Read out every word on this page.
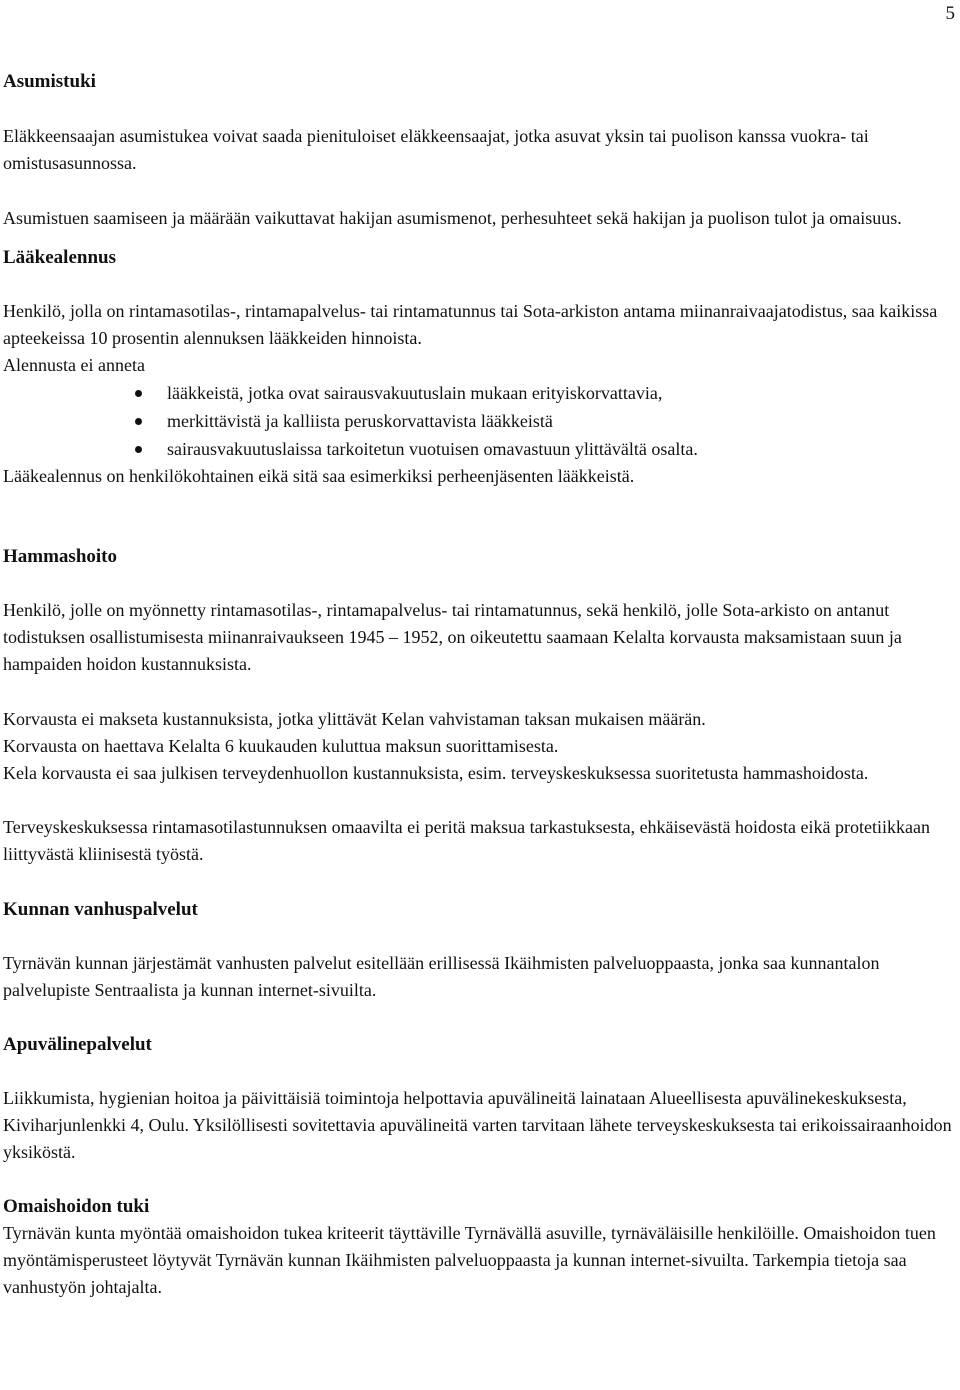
5
Asumistuki

Eläkkeensaajan asumistukea voivat saada pienituloiset eläkkeensaajat, jotka asuvat yksin tai puolison kanssa vuokra- tai omistusasunnossa.

Asumistuen saamiseen ja määrään vaikuttavat hakijan asumismenot, perhesuhteet sekä hakijan ja puolison tulot ja omaisuus.

Lääkealennus

Henkilö, jolla on rintamasotilas-, rintamapalvelus- tai rintamatunnus tai Sota-arkiston antama miinanraivaajatodistus, saa kaikissa apteekeissa 10 prosentin alennuksen lääkkeiden hinnoista.

Alennusta ei anneta

lääkkeistä, jotka ovat sairausvakuutuslain mukaan erityiskorvattavia,
merkittävistä ja kalliista peruskorvattavista lääkkeistä
sairausvakuutuslaissa tarkoitetun vuotuisen omavastuun ylittävältä osalta.

Lääkealennus on henkilökohtainen eikä sitä saa esimerkiksi perheenjäsenten lääkkeistä.

Hammashoito

Henkilö, jolle on myönnetty rintamasotilas-, rintamapalvelus- tai rintamatunnus, sekä henkilö, jolle Sota-arkisto on antanut todistuksen osallistumisesta miinanraivaukseen 1945 – 1952, on oikeutettu saamaan Kelalta korvausta maksamistaan suun ja hampaiden hoidon kustannuksista.

Korvausta ei makseta kustannuksista, jotka ylittävät Kelan vahvistaman taksan mukaisen määrän.

Korvausta on haettava Kelalta 6 kuukauden kuluttua maksun suorittamisesta.

Kela korvausta ei saa julkisen terveydenhuollon kustannuksista, esim. terveyskeskuksessa suoritetusta hammashoidosta.

Terveyskeskuksessa rintamasotilastunnuksen omaavilta ei peritä maksua tarkastuksesta, ehkäisevästä hoidosta eikä protetiikkaan liittyvästä kliinisestä työstä.

Kunnan vanhuspalvelut

Tyrnävän kunnan järjestämät vanhusten palvelut esitellään erillisessä Ikäihmisten palveluoppaasta, jonka saa kunnantalon palvelupiste Sentraalista ja kunnan internet-sivuilta.

Apuvälinepalvelut

Liikkumista, hygienian hoitoa ja päivittäisiä toimintoja helpottavia apuvälineitä lainataan Alueellisesta apuvälinekeskuksesta, Kiviharjunlenkki 4, Oulu. Yksilöllisesti sovitettavia apuvälineitä varten tarvitaan lähete terveyskeskuksesta tai erikoissairaanhoidon yksiköstä.

Omaishoidon tuki

Tyrnävän kunta myöntää omaishoidon tukea kriteerit täyttäville Tyrnävällä asuville, tyrnäväläisille henkilöille. Omaishoidon tuen myöntämisperusteet löytyvät Tyrnävän kunnan Ikäihmisten palveluoppaasta ja kunnan internet-sivuilta. Tarkempia tietoja saa vanhustyön johtajalta.
